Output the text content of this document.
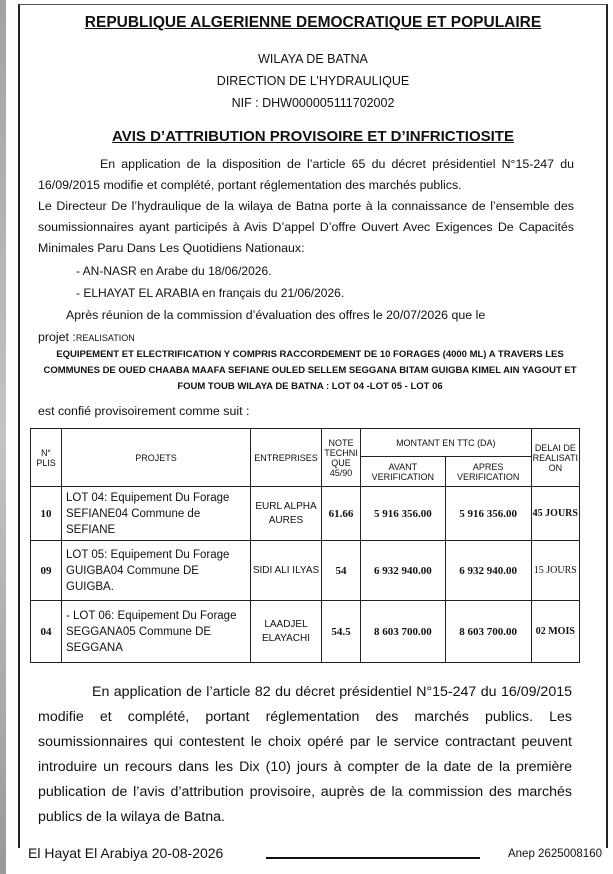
REPUBLIQUE ALGERIENNE DEMOCRATIQUE ET POPULAIRE
WILAYA DE BATNA
DIRECTION DE L’HYDRAULIQUE
NIF : DHW000005111702002
AVIS D’ATTRIBUTION PROVISOIRE ET D’INFRICTIOSITE
En application de la disposition de l’article 65 du décret présidentiel N°15-247 du 16/09/2015 modifie et complété, portant réglementation des marchés publics.
Le Directeur De l’hydraulique de la wilaya de Batna porte à la connaissance de l’ensemble des soumissionnaires ayant participés à Avis D’appel D’offre Ouvert Avec Exigences De Capacités Minimales Paru Dans Les Quotidiens Nationaux:
- AN-NASR en Arabe du 18/06/2026.
- ELHAYAT EL ARABIA en français du 21/06/2026.
Après réunion de la commission d’évaluation des offres le 20/07/2026 que le
projet :REALISATION
EQUIPEMENT ET ELECTRIFICATION Y COMPRIS RACCORDEMENT DE 10 FORAGES (4000 ML) A TRAVERS LES COMMUNES DE OUED CHAABA MAAFA SEFIANE OULED SELLEM SEGGANA BITAM GUIGBA KIMEL AIN YAGOUT ET FOUM TOUB WILAYA DE BATNA : LOT 04 -LOT 05 - LOT 06
est confié provisoirement comme suit :
N° PLIS	PROJETS	ENTREPRISES	NOTE TECHNI QUE 45/90	MONTANT EN TTC (DA)		DELAI DE REALISATI ON
				AVANT VERIFICATION	APRES VERIFICATION	
10	LOT 04: Equipement Du Forage SEFIANE04 Commune de SEFIANE	EURL ALPHA AURES	61.66	5 916 356.00	5 916 356.00	45 JOURS
09	LOT 05: Equipement Du Forage GUIGBA04 Commune DE GUIGBA.	SIDI ALI ILYAS	54	6 932 940.00	6 932 940.00	15 JOURS
04	- LOT 06: Equipement Du Forage SEGGANA05 Commune DE SEGGANA	LAADJEL ELAYACHI	54.5	8 603 700.00	8 603 700.00	02 MOIS
En application de l’article 82 du décret présidentiel N°15-247 du 16/09/2015 modifie et complété, portant réglementation des marchés publics. Les soumissionnaires qui contestent le choix opéré par le service contractant peuvent introduire un recours dans les Dix (10) jours à compter de la date de la première publication de l’avis d’attribution provisoire, auprès de la commission des marchés publics de la wilaya de Batna.
El Hayat El Arabiya 20-08-2026	Anep 2625008160
